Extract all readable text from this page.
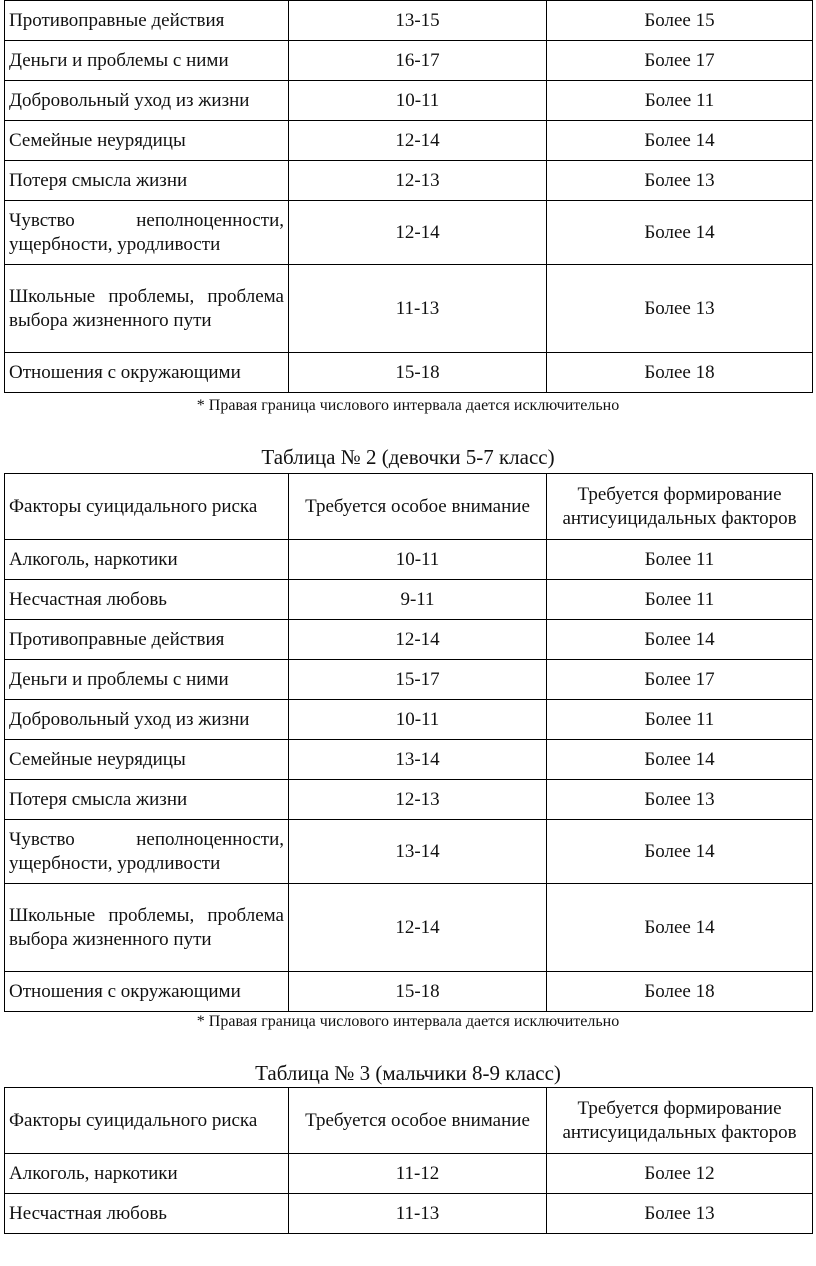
Противоправные действия	13-15	Более 15
Деньги и проблемы с ними	16-17	Более 17
Добровольный уход из жизни	10-11	Более 11
Семейные неурядицы	12-14	Более 14
Потеря смысла жизни	12-13	Более 13
Чувство неполноценности, ущербности, уродливости	12-14	Более 14
Школьные проблемы, проблема выбора жизненного пути	11-13	Более 13
Отношения с окружающими	15-18	Более 18
* Правая граница числового интервала дается исключительно
Таблица № 2 (девочки 5-7 класс)
Факторы суицидального риска	Требуется особое внимание	Требуется формирование антисуицидальных факторов
Алкоголь, наркотики	10-11	Более 11
Несчастная любовь	9-11	Более 11
Противоправные действия	12-14	Более 14
Деньги и проблемы с ними	15-17	Более 17
Добровольный уход из жизни	10-11	Более 11
Семейные неурядицы	13-14	Более 14
Потеря смысла жизни	12-13	Более 13
Чувство неполноценности, ущербности, уродливости	13-14	Более 14
Школьные проблемы, проблема выбора жизненного пути	12-14	Более 14
Отношения с окружающими	15-18	Более 18
* Правая граница числового интервала дается исключительно
Таблица № 3 (мальчики 8-9 класс)
Факторы суицидального риска	Требуется особое внимание	Требуется формирование антисуицидальных факторов
Алкоголь, наркотики	11-12	Более 12
Несчастная любовь	11-13	Более 13
